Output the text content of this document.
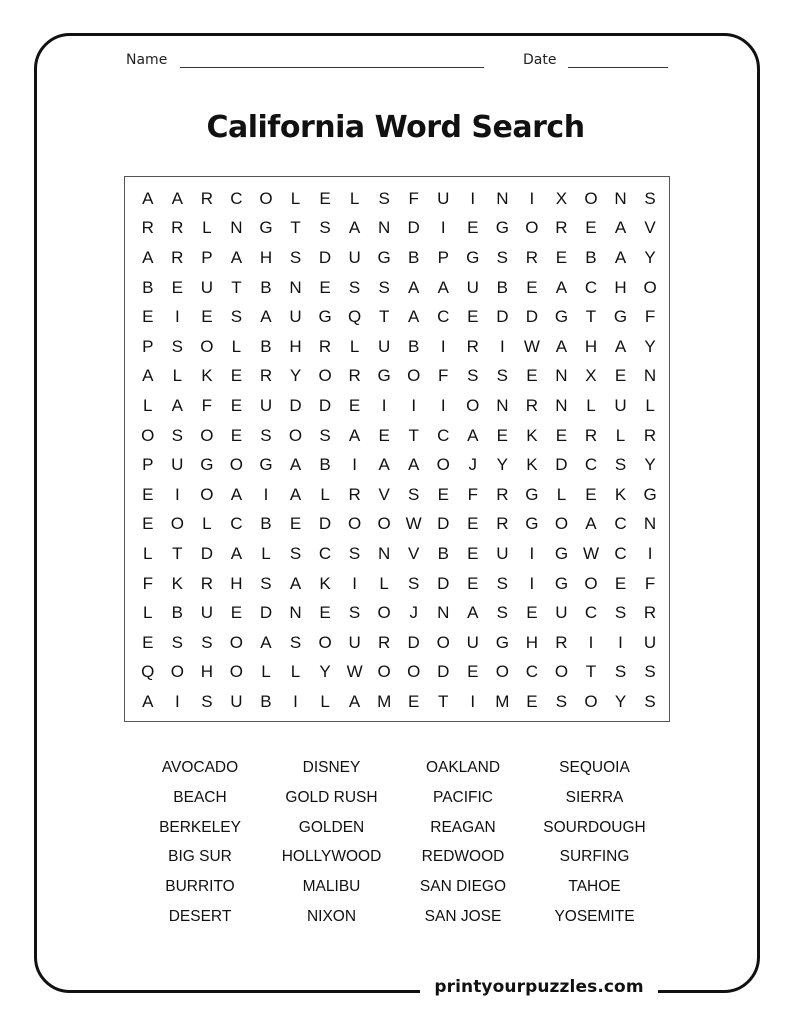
printyourpuzzles.com
Name	Date
California Word Search
A	A	R	C O	L	E	L	S	F	U	I	N	I	X	O N	S
R	R	L	N G	T	S	A	N	D	I	E	G O R	E	A	V
A	R	P	A	H	S	D	U G	B	P	G	S	R	E	B	A	Y
B	E	U	T	B	N	E	S	S	A	A	U	B	E	A	C	H O
E	I	E	S	A	U G Q	T	A	C	E	D	D G	T	G	F
P	S	O	L	B	H	R	L	U	B	I	R	I	W A	H	A	Y
A	L	K	E	R	Y	O R G O	F	S	S	E	N	X	E	N
L	A	F	E	U	D	D	E	I	I	I	O N	R	N	L	U	L
O	S	O	E	S	O	S	A	E	T	C	A	E	K	E	R	L	R
P	U G O G	A	B	I	A	A	O	J	Y	K	D	C	S	Y
E	I	O	A	I	A	L	R	V	S	E	F	R G	L	E	K	G
E	O	L	C	B	E	D O O W D	E	R G O	A	C	N
L	T	D	A	L	S	C	S	N	V	B	E	U	I	G W C	I
F	K	R	H	S	A	K	I	L	S	D	E	S	I	G O	E	F
L	B	U	E	D	N	E	S	O	J	N	A	S	E	U	C	S	R
E	S	S	O	A	S	O U	R	D O U G H	R	I	I	U
Q O H O	L	L	Y W O O D	E	O C O	T	S	S
A	I	S	U	B	I	L	A M E	T	I	M E	S	O	Y	S
AVOCADO	DISNEY	OAKLAND	SEQUOIA
BEACH	GOLD RUSH	PACIFIC	SIERRA
BERKELEY	GOLDEN	REAGAN	SOURDOUGH
BIG SUR	HOLLYWOOD	REDWOOD	SURFING
BURRITO	MALIBU	SAN DIEGO	TAHOE
DESERT	NIXON	SAN JOSE	YOSEMITE
